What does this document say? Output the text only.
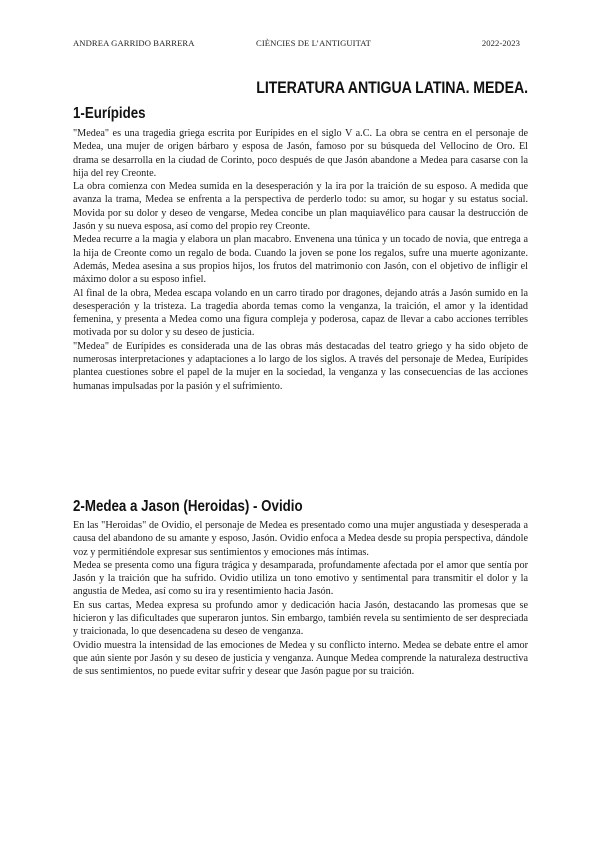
ANDREA GARRIDO BARRERA	CIÈNCIES DE L’ANTIGUITAT	2022-2023
LITERATURA ANTIGUA LATINA. MEDEA.
1-Eurípides

"Medea" es una tragedia griega escrita por Eurípides en el siglo V a.C. La obra se centra en el personaje de Medea, una mujer de origen bárbaro y esposa de Jasón, famoso por su búsqueda del Vellocino de Oro. El drama se desarrolla en la ciudad de Corinto, poco después de que Jasón abandone a Medea para casarse con la hija del rey Creonte.

La obra comienza con Medea sumida en la desesperación y la ira por la traición de su esposo. A medida que avanza la trama, Medea se enfrenta a la perspectiva de perderlo todo: su amor, su hogar y su estatus social. Movida por su dolor y deseo de vengarse, Medea concibe un plan maquiavélico para causar la destrucción de Jasón y su nueva esposa, así como del propio rey Creonte.

Medea recurre a la magia y elabora un plan macabro. Envenena una túnica y un tocado de novia, que entrega a la hija de Creonte como un regalo de boda. Cuando la joven se pone los regalos, sufre una muerte agonizante. Además, Medea asesina a sus propios hijos, los frutos del matrimonio con Jasón, con el objetivo de infligir el máximo dolor a su esposo infiel.

Al final de la obra, Medea escapa volando en un carro tirado por dragones, dejando atrás a Jasón sumido en la desesperación y la tristeza. La tragedia aborda temas como la venganza, la traición, el amor y la identidad femenina, y presenta a Medea como una figura compleja y poderosa, capaz de llevar a cabo acciones terribles motivada por su dolor y su deseo de justicia.

"Medea" de Eurípides es considerada una de las obras más destacadas del teatro griego y ha sido objeto de numerosas interpretaciones y adaptaciones a lo largo de los siglos. A través del personaje de Medea, Eurípides plantea cuestiones sobre el papel de la mujer en la sociedad, la venganza y las consecuencias de las acciones humanas impulsadas por la pasión y el sufrimiento.

2-Medea a Jason (Heroidas) - Ovidio

En las "Heroidas" de Ovidio, el personaje de Medea es presentado como una mujer angustiada y desesperada a causa del abandono de su amante y esposo, Jasón. Ovidio enfoca a Medea desde su propia perspectiva, dándole voz y permitiéndole expresar sus sentimientos y emociones más íntimas.

Medea se presenta como una figura trágica y desamparada, profundamente afectada por el amor que sentía por Jasón y la traición que ha sufrido. Ovidio utiliza un tono emotivo y sentimental para transmitir el dolor y la angustia de Medea, así como su ira y resentimiento hacia Jasón.

En sus cartas, Medea expresa su profundo amor y dedicación hacia Jasón, destacando las promesas que se hicieron y las dificultades que superaron juntos. Sin embargo, también revela su sentimiento de ser despreciada y traicionada, lo que desencadena su deseo de venganza.

Ovidio muestra la intensidad de las emociones de Medea y su conflicto interno. Medea se debate entre el amor que aún siente por Jasón y su deseo de justicia y venganza. Aunque Medea comprende la naturaleza destructiva de sus sentimientos, no puede evitar sufrir y desear que Jasón pague por su traición.
